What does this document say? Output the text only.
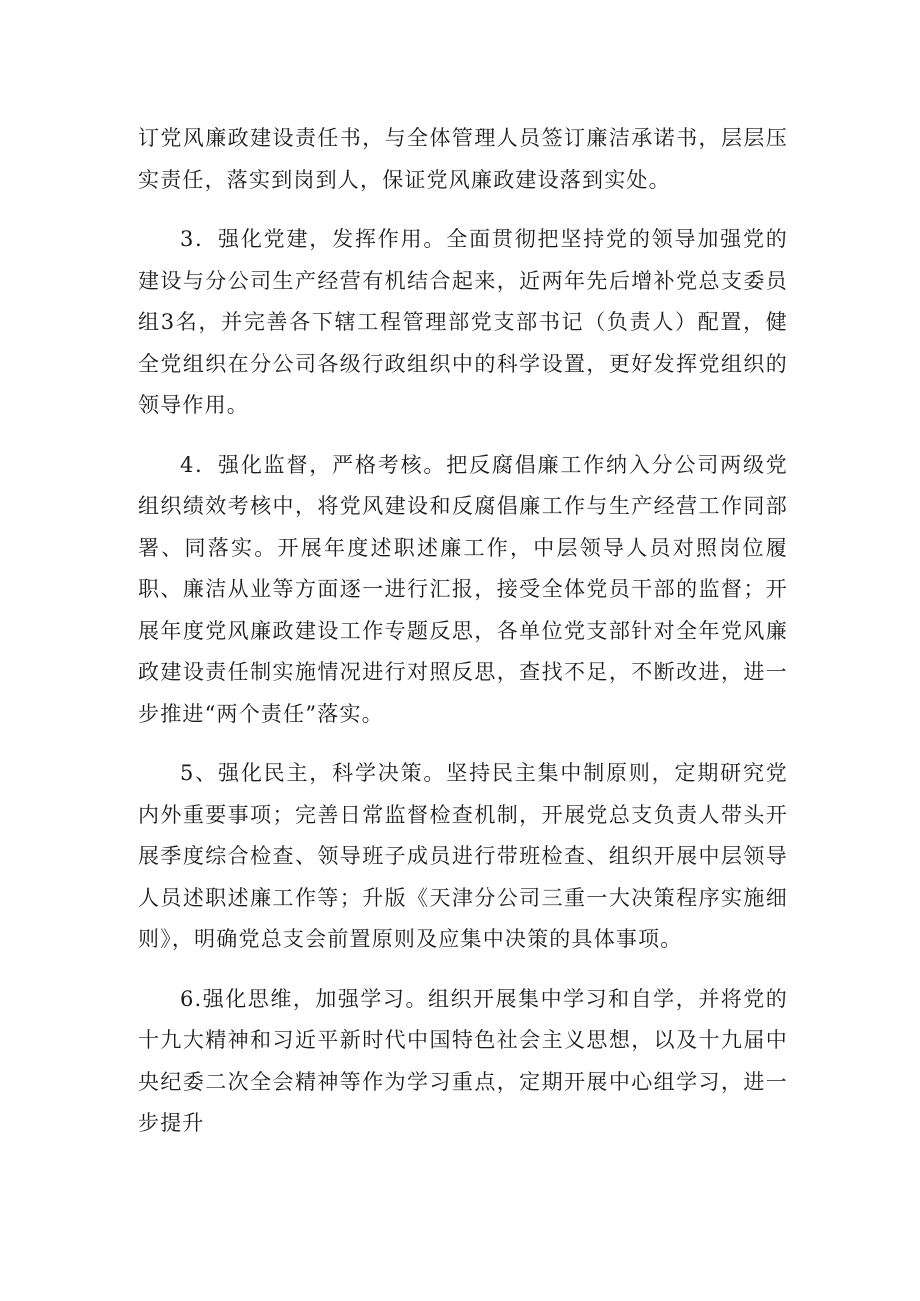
订党风廉政建设责任书，与全体管理人员签订廉洁承诺书，层层压实责任，落实到岗到人，保证党风廉政建设落到实处。

3．强化党建，发挥作用。全面贯彻把坚持党的领导加强党的建设与分公司生产经营有机结合起来，近两年先后增补党总支委员组3名，并完善各下辖工程管理部党支部书记（负责人）配置，健全党组织在分公司各级行政组织中的科学设置，更好发挥党组织的领导作用。

4．强化监督，严格考核。把反腐倡廉工作纳入分公司两级党组织绩效考核中，将党风建设和反腐倡廉工作与生产经营工作同部署、同落实。开展年度述职述廉工作，中层领导人员对照岗位履职、廉洁从业等方面逐一进行汇报，接受全体党员干部的监督；开展年度党风廉政建设工作专题反思，各单位党支部针对全年党风廉政建设责任制实施情况进行对照反思，查找不足，不断改进，进一步推进“两个责任”落实。

5、强化民主，科学决策。坚持民主集中制原则，定期研究党内外重要事项；完善日常监督检查机制，开展党总支负责人带头开展季度综合检查、领导班子成员进行带班检查、组织开展中层领导人员述职述廉工作等；升版《天津分公司三重一大决策程序实施细则》，明确党总支会前置原则及应集中决策的具体事项。

6.强化思维，加强学习。组织开展集中学习和自学，并将党的十九大精神和习近平新时代中国特色社会主义思想，以及十九届中央纪委二次全会精神等作为学习重点，定期开展中心组学习，进一步提升
